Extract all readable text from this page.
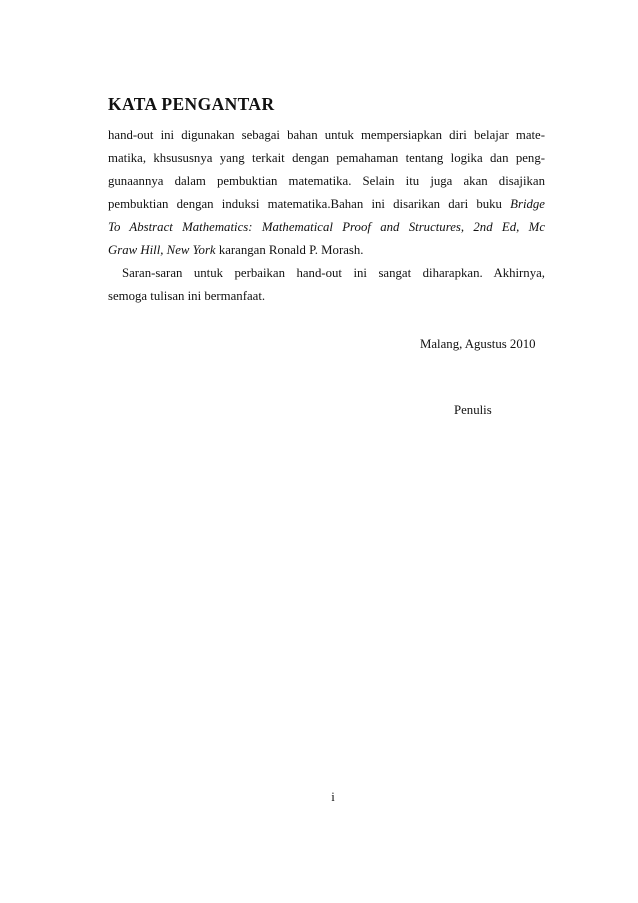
KATA PENGANTAR

hand-out ini digunakan sebagai bahan untuk mempersiapkan diri belajar mate-
matika, khsususnya yang terkait dengan pemahaman tentang logika dan peng-
gunaannya dalam pembuktian matematika. Selain itu juga akan disajikan
pembuktian dengan induksi matematika.Bahan ini disarikan dari buku Bridge
To Abstract Mathematics: Mathematical Proof and Structures, 2nd Ed, Mc
Graw Hill, New York karangan Ronald P. Morash.

Saran-saran untuk perbaikan hand-out ini sangat diharapkan. Akhirnya,
semoga tulisan ini bermanfaat.

Malang, Agustus 2010
Penulis
i
